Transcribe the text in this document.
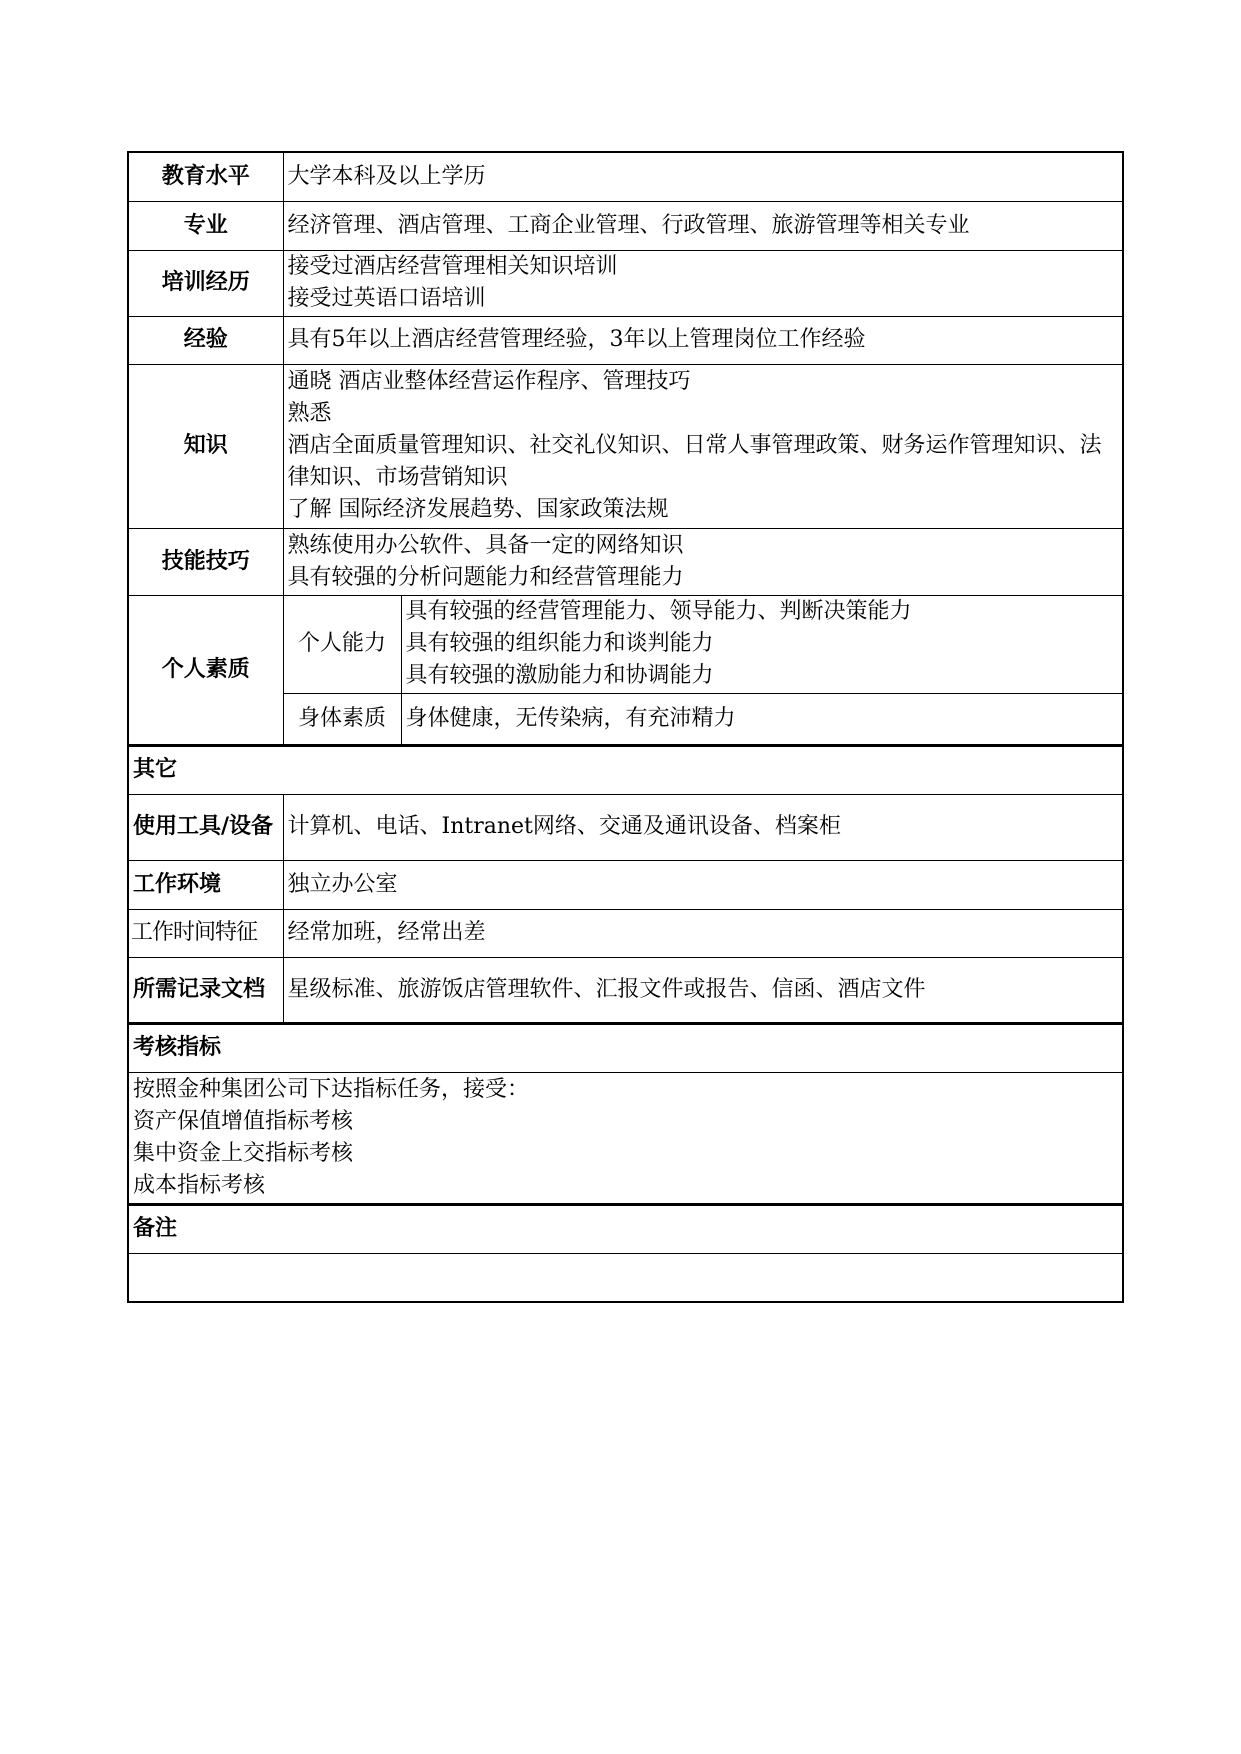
教育水平	大学本科及以上学历	
专业	经济管理、酒店管理、工商企业管理、行政管理、旅游管理等相关专业	
培训经历	接受过酒店经营管理相关知识培训
接受过英语口语培训	

经验	具有5年以上酒店经营管理经验，3年以上管理岗位工作经验	
知识	通晓 酒店业整体经营运作程序、管理技巧
熟悉
酒店全面质量管理知识、社交礼仪知识、日常人事管理政策、财务运作管理知识、法律知识、市场营销知识
了解 国际经济发展趋势、国家政策法规	

技能技巧	熟练使用办公软件、具备一定的网络知识
具有较强的分析问题能力和经营管理能力	

个人素质	个人能力	具有较强的经营管理能力、领导能力、判断决策能力
具有较强的组织能力和谈判能力
具有较强的激励能力和协调能力

	身体素质	身体健康，无传染病，有充沛精力
其它		
使用工具/设备	计算机、电话、Intranet网络、交通及通讯设备、档案柜	
工作环境	独立办公室	
工作时间特征	经常加班，经常出差	
所需记录文档	星级标准、旅游饭店管理软件、汇报文件或报告、信函、酒店文件	
考核指标		

按照金种集团公司下达指标任务，接受：
资产保值增值指标考核
集中资金上交指标考核
成本指标考核		

备注		
